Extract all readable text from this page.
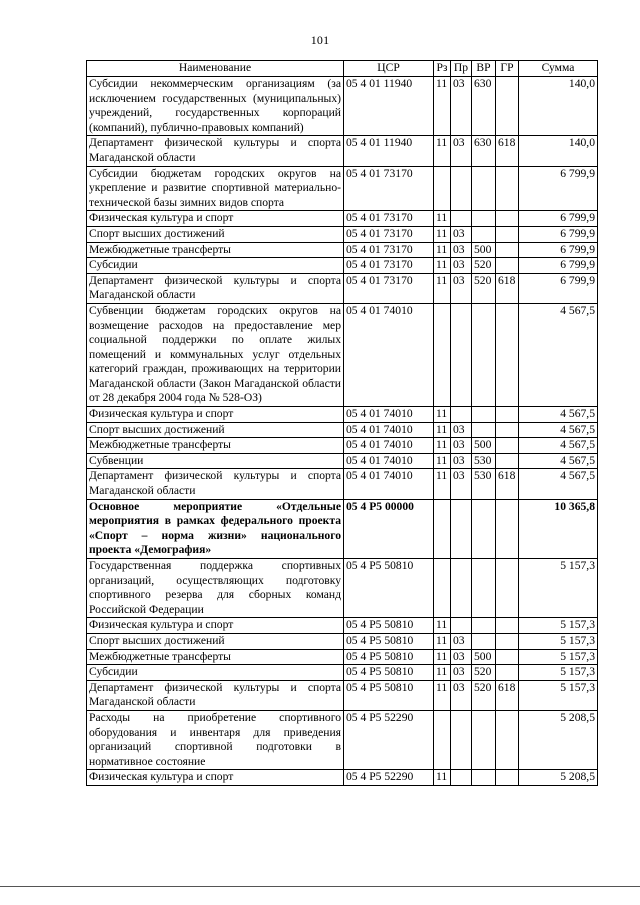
101
Наименование	ЦСР	Рз	Пр	ВР	ГР	Сумма
Субсидии некоммерческим организациям (за исключением государственных (муниципальных) учреждений, государственных корпораций (компаний), публично-правовых компаний)	05 4 01 11940	11	03	630		140,0
Департамент физической культуры и спорта Магаданской области	05 4 01 11940	11	03	630	618	140,0
Субсидии бюджетам городских округов на укрепление и развитие спортивной материально-технической базы зимних видов спорта	05 4 01 73170					6 799,9
Физическая культура и спорт	05 4 01 73170	11				6 799,9
Спорт высших достижений	05 4 01 73170	11	03			6 799,9
Межбюджетные трансферты	05 4 01 73170	11	03	500		6 799,9
Субсидии	05 4 01 73170	11	03	520		6 799,9
Департамент физической культуры и спорта Магаданской области	05 4 01 73170	11	03	520	618	6 799,9
Субвенции бюджетам городских округов на возмещение расходов на предоставление мер социальной поддержки по оплате жилых помещений и коммунальных услуг отдельных категорий граждан, проживающих на территории Магаданской области (Закон Магаданской области от 28 декабря 2004 года № 528-ОЗ)	05 4 01 74010					4 567,5
Физическая культура и спорт	05 4 01 74010	11				4 567,5
Спорт высших достижений	05 4 01 74010	11	03			4 567,5
Межбюджетные трансферты	05 4 01 74010	11	03	500		4 567,5
Субвенции	05 4 01 74010	11	03	530		4 567,5
Департамент физической культуры и спорта Магаданской области	05 4 01 74010	11	03	530	618	4 567,5
Основное мероприятие «Отдельные мероприятия в рамках федерального проекта «Спорт – норма жизни» национального проекта «Демография»	05 4 P5 00000					10 365,8
Государственная поддержка спортивных организаций, осуществляющих подготовку спортивного резерва для сборных команд Российской Федерации	05 4 P5 50810					5 157,3
Физическая культура и спорт	05 4 P5 50810	11				5 157,3
Спорт высших достижений	05 4 P5 50810	11	03			5 157,3
Межбюджетные трансферты	05 4 P5 50810	11	03	500		5 157,3
Субсидии	05 4 P5 50810	11	03	520		5 157,3
Департамент физической культуры и спорта Магаданской области	05 4 P5 50810	11	03	520	618	5 157,3
Расходы на приобретение спортивного оборудования и инвентаря для приведения организаций спортивной подготовки в нормативное состояние	05 4 P5 52290					5 208,5
Физическая культура и спорт	05 4 P5 52290	11				5 208,5
